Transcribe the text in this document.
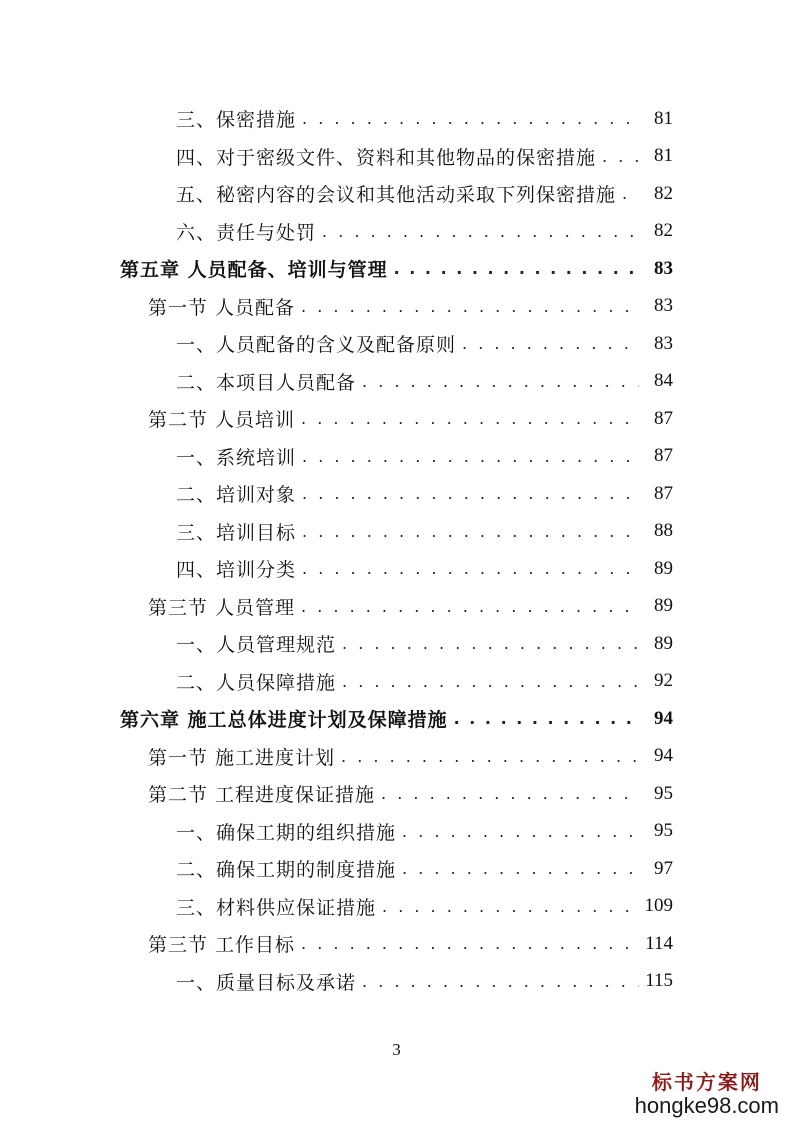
三、保密措施 . . .	81
四、对于密级文件、资料和其他物品的保密措施 . . .	81
五、秘密内容的会议和其他活动采取下列保密措施 . . . 82
六、责任与处罚 . . .	82
第五章 人员配备、培训与管理 . . .	83
第一节 人员配备 . . .	83
一、人员配备的含义及配备原则 . . .	83
二、本项目人员配备 . . .	84
第二节 人员培训 . . .	87
一、系统培训 . . .	87
二、培训对象 . . .	87
三、培训目标 . . .	88
四、培训分类 . . .	89
第三节 人员管理 . . .	89
一、人员管理规范 . . .	89
二、人员保障措施 . . .	92
第六章 施工总体进度计划及保障措施 . . .	94
第一节 施工进度计划 . . .	94
第二节 工程进度保证措施 . . .	95
一、确保工期的组织措施 . . .	95
二、确保工期的制度措施 . . .	97
三、材料供应保证措施 . . .	109
第三节 工作目标 . . .	114
一、质量目标及承诺 . . .	115
3
标书方案网
hongke98.com
